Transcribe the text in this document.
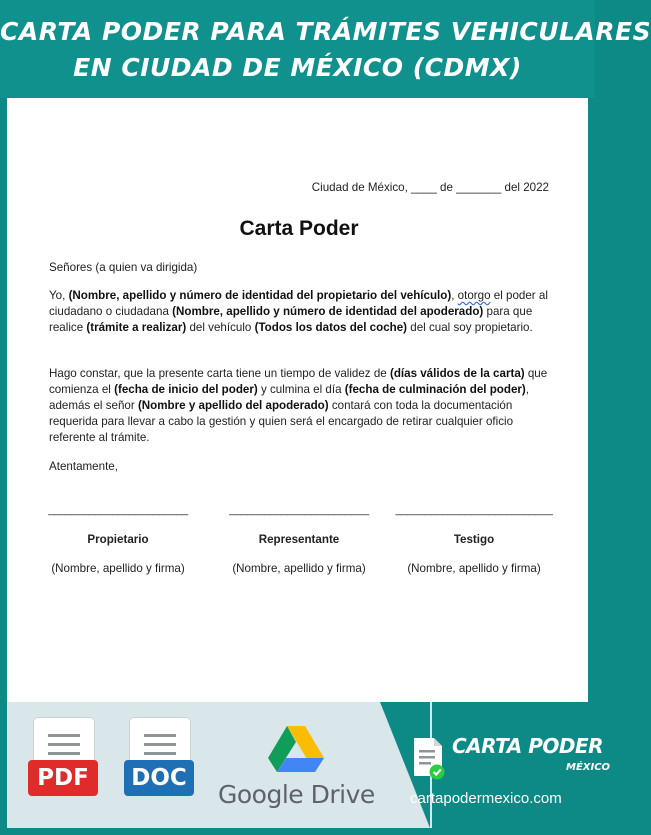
CARTA PODER PARA TRÁMITES VEHICULARES
EN CIUDAD DE MÉXICO (CDMX)
Ciudad de México, ____ de _______ del 2022
Carta Poder
Señores (a quien va dirigida)
Yo, (Nombre, apellido y número de identidad del propietario del vehículo), otorgo el poder al ciudadano o ciudadana (Nombre, apellido y número de identidad del apoderado) para que realice (trámite a realizar) del vehículo (Todos los datos del coche) del cual soy propietario.
Hago constar, que la presente carta tiene un tiempo de validez de (días válidos de la carta) que comienza el (fecha de inicio del poder) y culmina el día (fecha de culminación del poder), además el señor (Nombre y apellido del apoderado) contará con toda la documentación requerida para llevar a cabo la gestión y quien será el encargado de retirar cualquier oficio referente al trámite.
Atentamente,
________________________
Propietario
(Nombre, apellido y firma)
________________________
Representante
(Nombre, apellido y firma)
___________________________
Testigo
(Nombre, apellido y firma)
PDF	DOC
Google Drive
CARTA PODER
MÉXICO
cartapodermexico.com
